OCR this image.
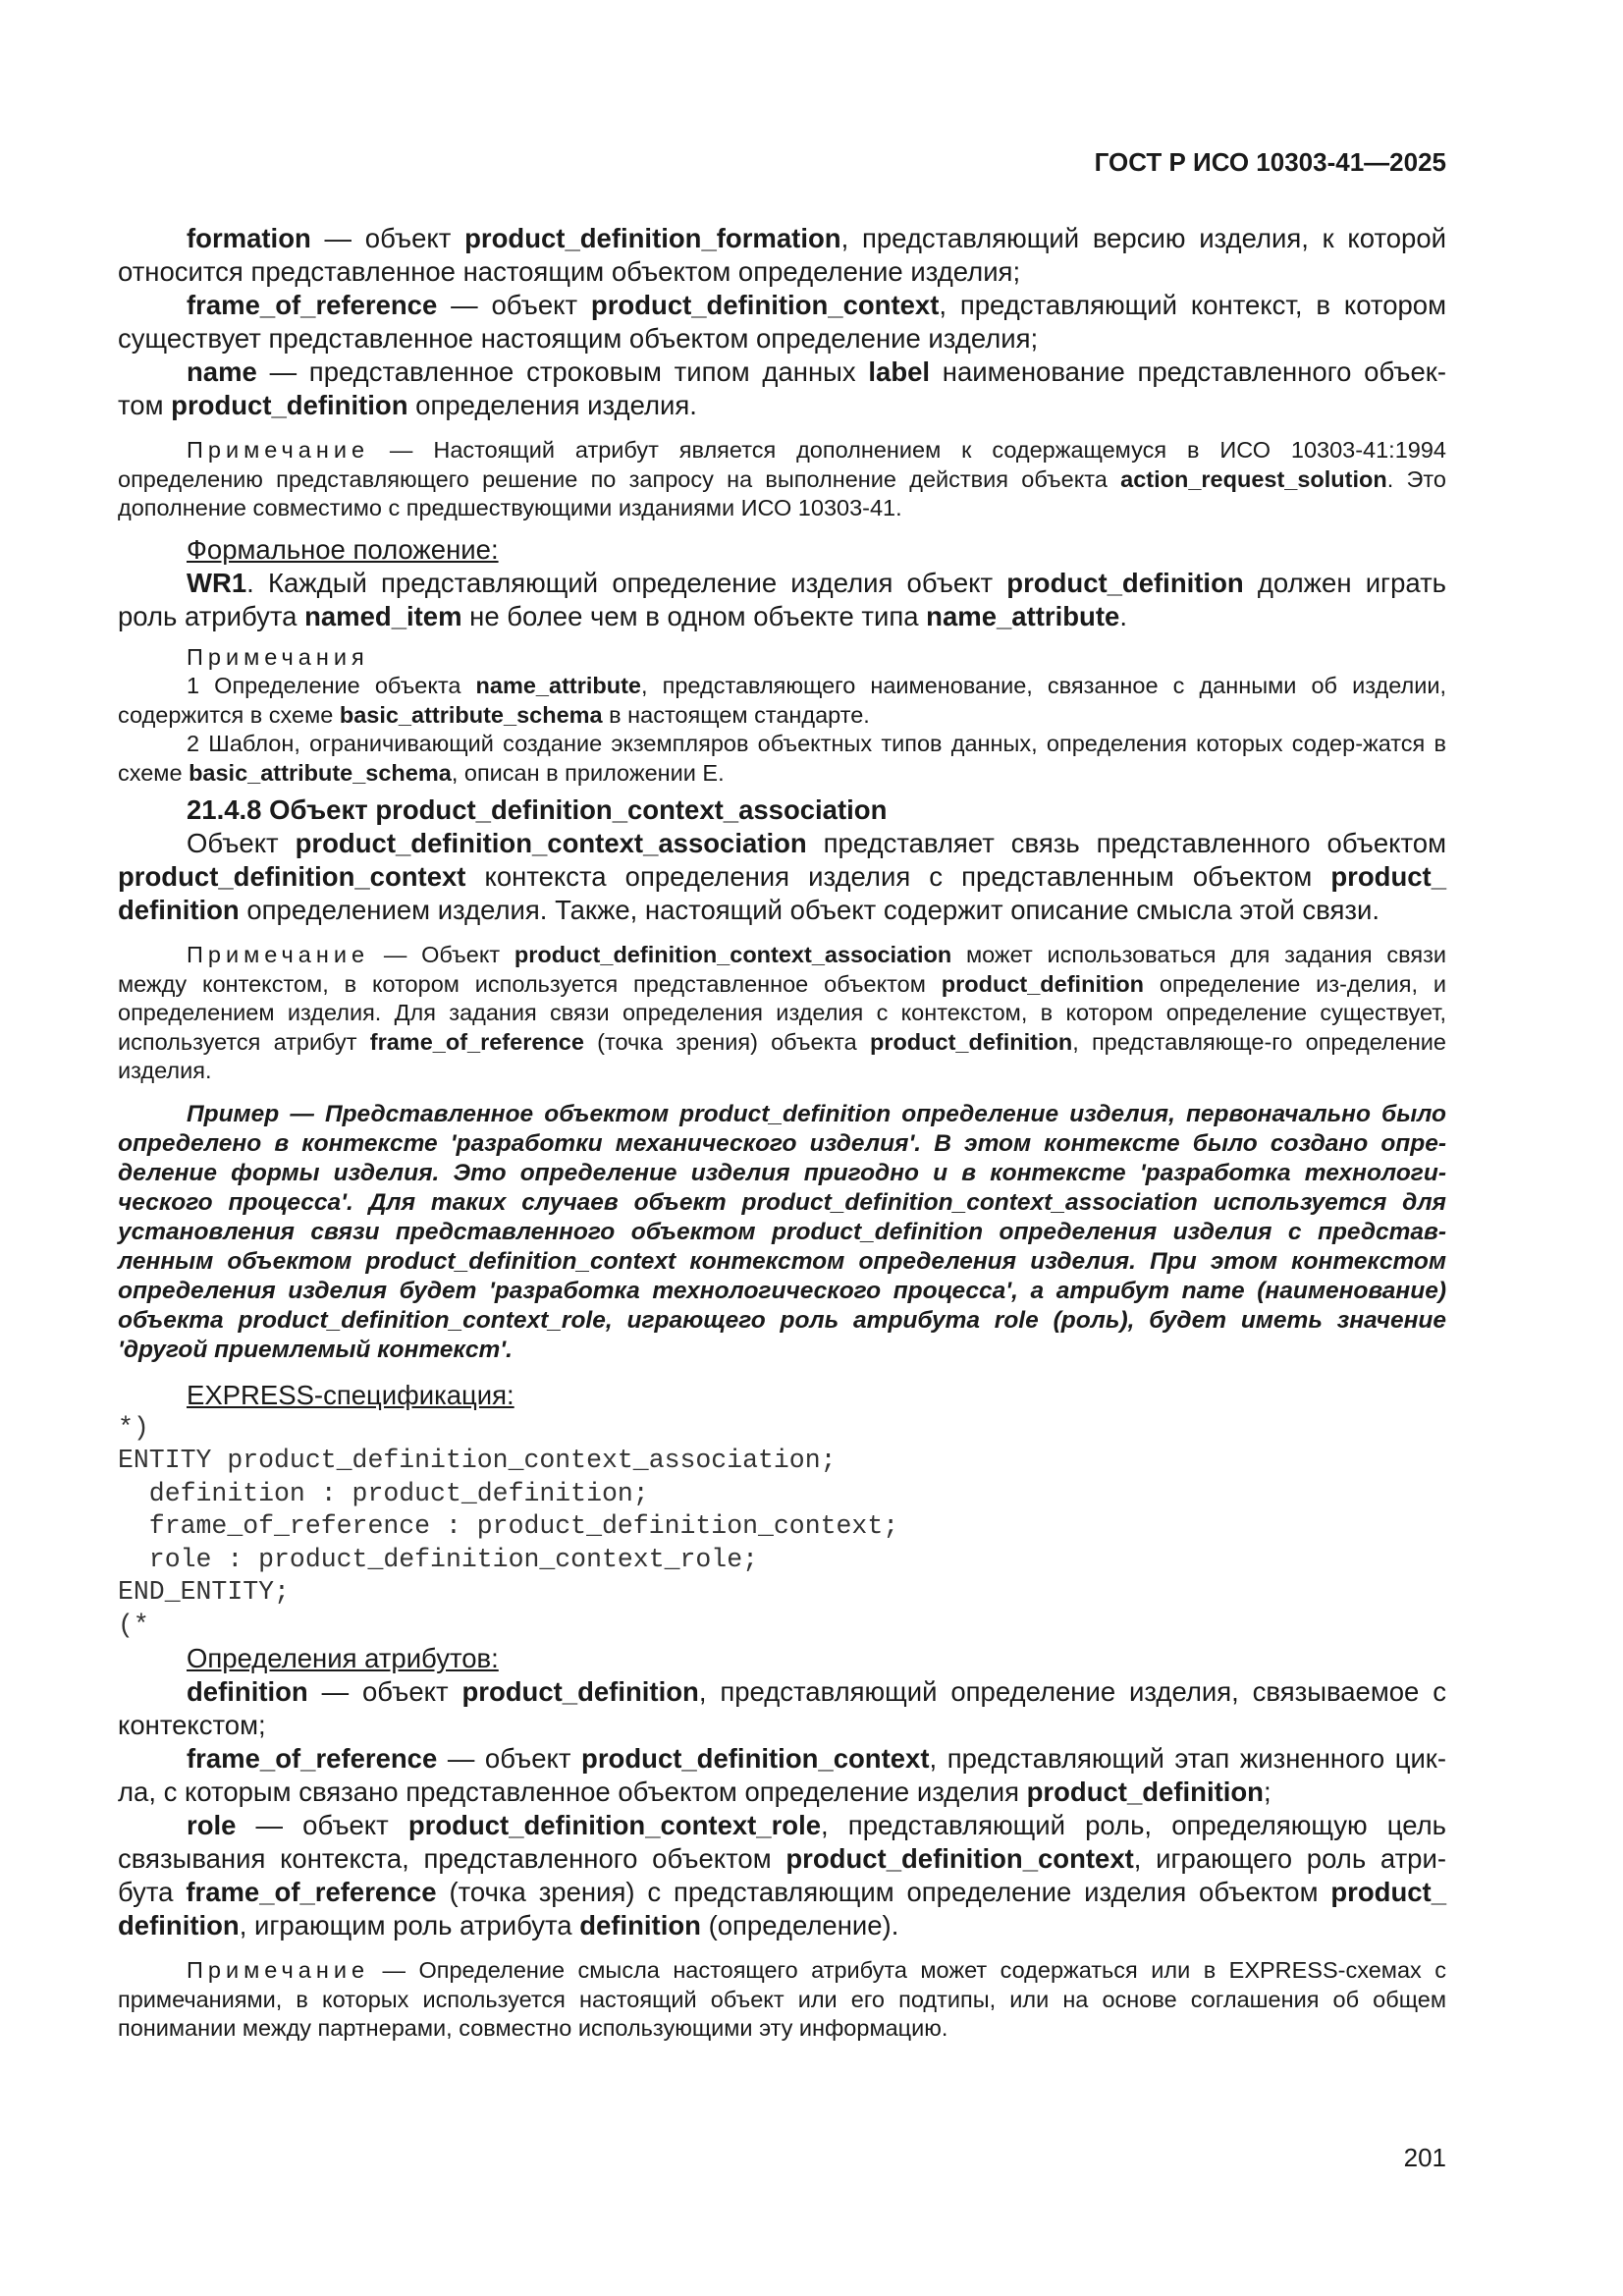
ГОСТ Р ИСО 10303-41—2025

formation — объект product_definition_formation, представляющий версию изделия, к которой относится представленное настоящим объектом определение изделия;

frame_of_reference — объект product_definition_context, представляющий контекст, в котором существует представленное настоящим объектом определение изделия;

name — представленное строковым типом данных label наименование представленного объек-том product_definition определения изделия.

Примечание — Настоящий атрибут является дополнением к содержащемуся в ИСО 10303-41:1994 определению представляющего решение по запросу на выполнение действия объекта action_request_solution. Это дополнение совместимо с предшествующими изданиями ИСО 10303-41.

Формальное положение:

WR1. Каждый представляющий определение изделия объект product_definition должен играть роль атрибута named_item не более чем в одном объекте типа name_attribute.

Примечания

1 Определение объекта name_attribute, представляющего наименование, связанное с данными об изделии, содержится в схеме basic_attribute_schema в настоящем стандарте.

2 Шаблон, ограничивающий создание экземпляров объектных типов данных, определения которых содер-жатся в схеме basic_attribute_schema, описан в приложении Е.

21.4.8 Объект product_definition_context_association

Объект product_definition_context_association представляет связь представленного объектом product_definition_context контекста определения изделия с представленным объектом product_ definition определением изделия. Также, настоящий объект содержит описание смысла этой связи.

Примечание — Объект product_definition_context_association может использоваться для задания связи между контекстом, в котором используется представленное объектом product_definition определение из-делия, и определением изделия. Для задания связи определения изделия с контекстом, в котором определение существует, используется атрибут frame_of_reference (точка зрения) объекта product_definition, представляюще-го определение изделия.

Пример — Представленное объектом product_definition определение изделия, первоначально было определено в контексте 'разработки механического изделия'. В этом контексте было создано опре-деление формы изделия. Это определение изделия пригодно и в контексте 'разработка технологи-ческого процесса'. Для таких случаев объект product_definition_context_association используется для установления связи представленного объектом product_definition определения изделия с представ-ленным объектом product_definition_context контекстом определения изделия. При этом контекстом определения изделия будет 'разработка технологического процесса', а атрибут name (наименование) объекта product_definition_context_role, играющего роль атрибута role (роль), будет иметь значение 'другой приемлемый контекст'.

EXPRESS-спецификация:

*)
ENTITY product_definition_context_association;
definition : product_definition;
frame_of_reference : product_definition_context;
role : product_definition_context_role;
END_ENTITY;
(*

Определения атрибутов:

definition — объект product_definition, представляющий определение изделия, связываемое с контекстом;

frame_of_reference — объект product_definition_context, представляющий этап жизненного цик-ла, с которым связано представленное объектом определение изделия product_definition;

role — объект product_definition_context_role, представляющий роль, определяющую цель связывания контекста, представленного объектом product_definition_context, играющего роль атри-бута frame_of_reference (точка зрения) с представляющим определение изделия объектом product_ definition, играющим роль атрибута definition (определение).

Примечание — Определение смысла настоящего атрибута может содержаться или в EXPRESS-схемах с примечаниями, в которых используется настоящий объект или его подтипы, или на основе соглашения об общем понимании между партнерами, совместно использующими эту информацию.

201
